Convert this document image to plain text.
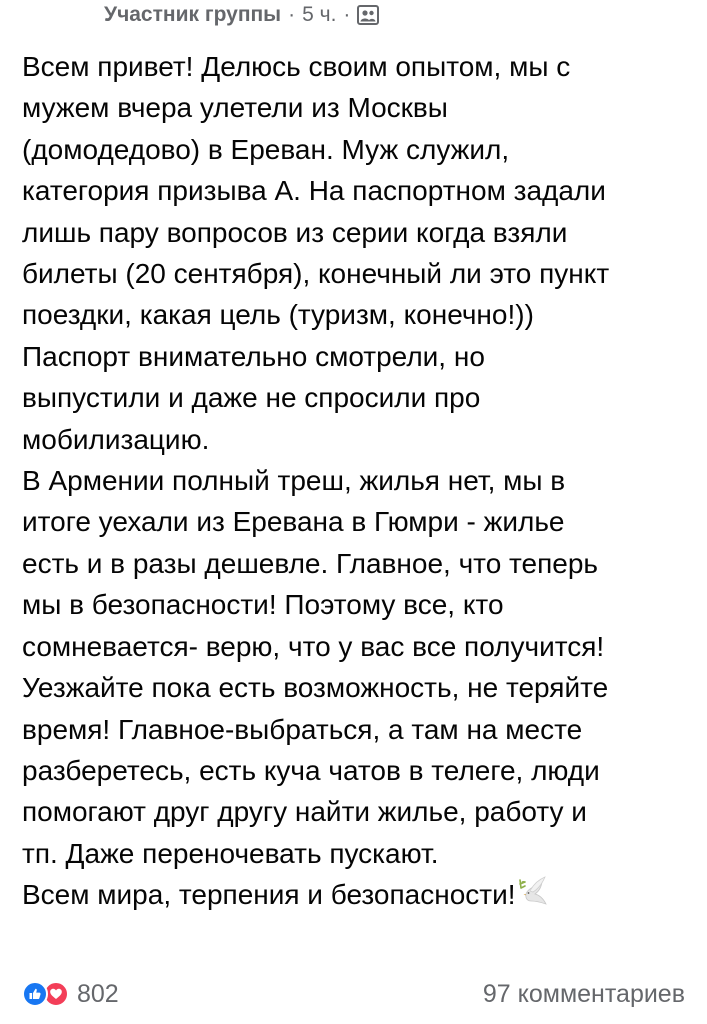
Участник группы · 5 ч. ·

Всем привет! Делюсь своим опытом, мы с

мужем вчера улетели из Москвы

(домодедово) в Ереван. Муж служил,

категория призыва А. На паспортном задали

лишь пару вопросов из серии когда взяли

билеты (20 сентября), конечный ли это пункт

поездки, какая цель (туризм, конечно!))

Паспорт внимательно смотрели, но

выпустили и даже не спросили про

мобилизацию.

В Армении полный треш, жилья нет, мы в

итоге уехали из Еревана в Гюмри - жилье

есть и в разы дешевле. Главное, что теперь

мы в безопасности! Поэтому все, кто

сомневается- верю, что у вас все получится!

Уезжайте пока есть возможность, не теряйте

время! Главное-выбраться, а там на месте

разберетесь, есть куча чатов в телеге, люди

помогают друг другу найти жилье, работу и

тп. Даже переночевать пускают.

Всем мира, терпения и безопасности!

802	97 комментариев
